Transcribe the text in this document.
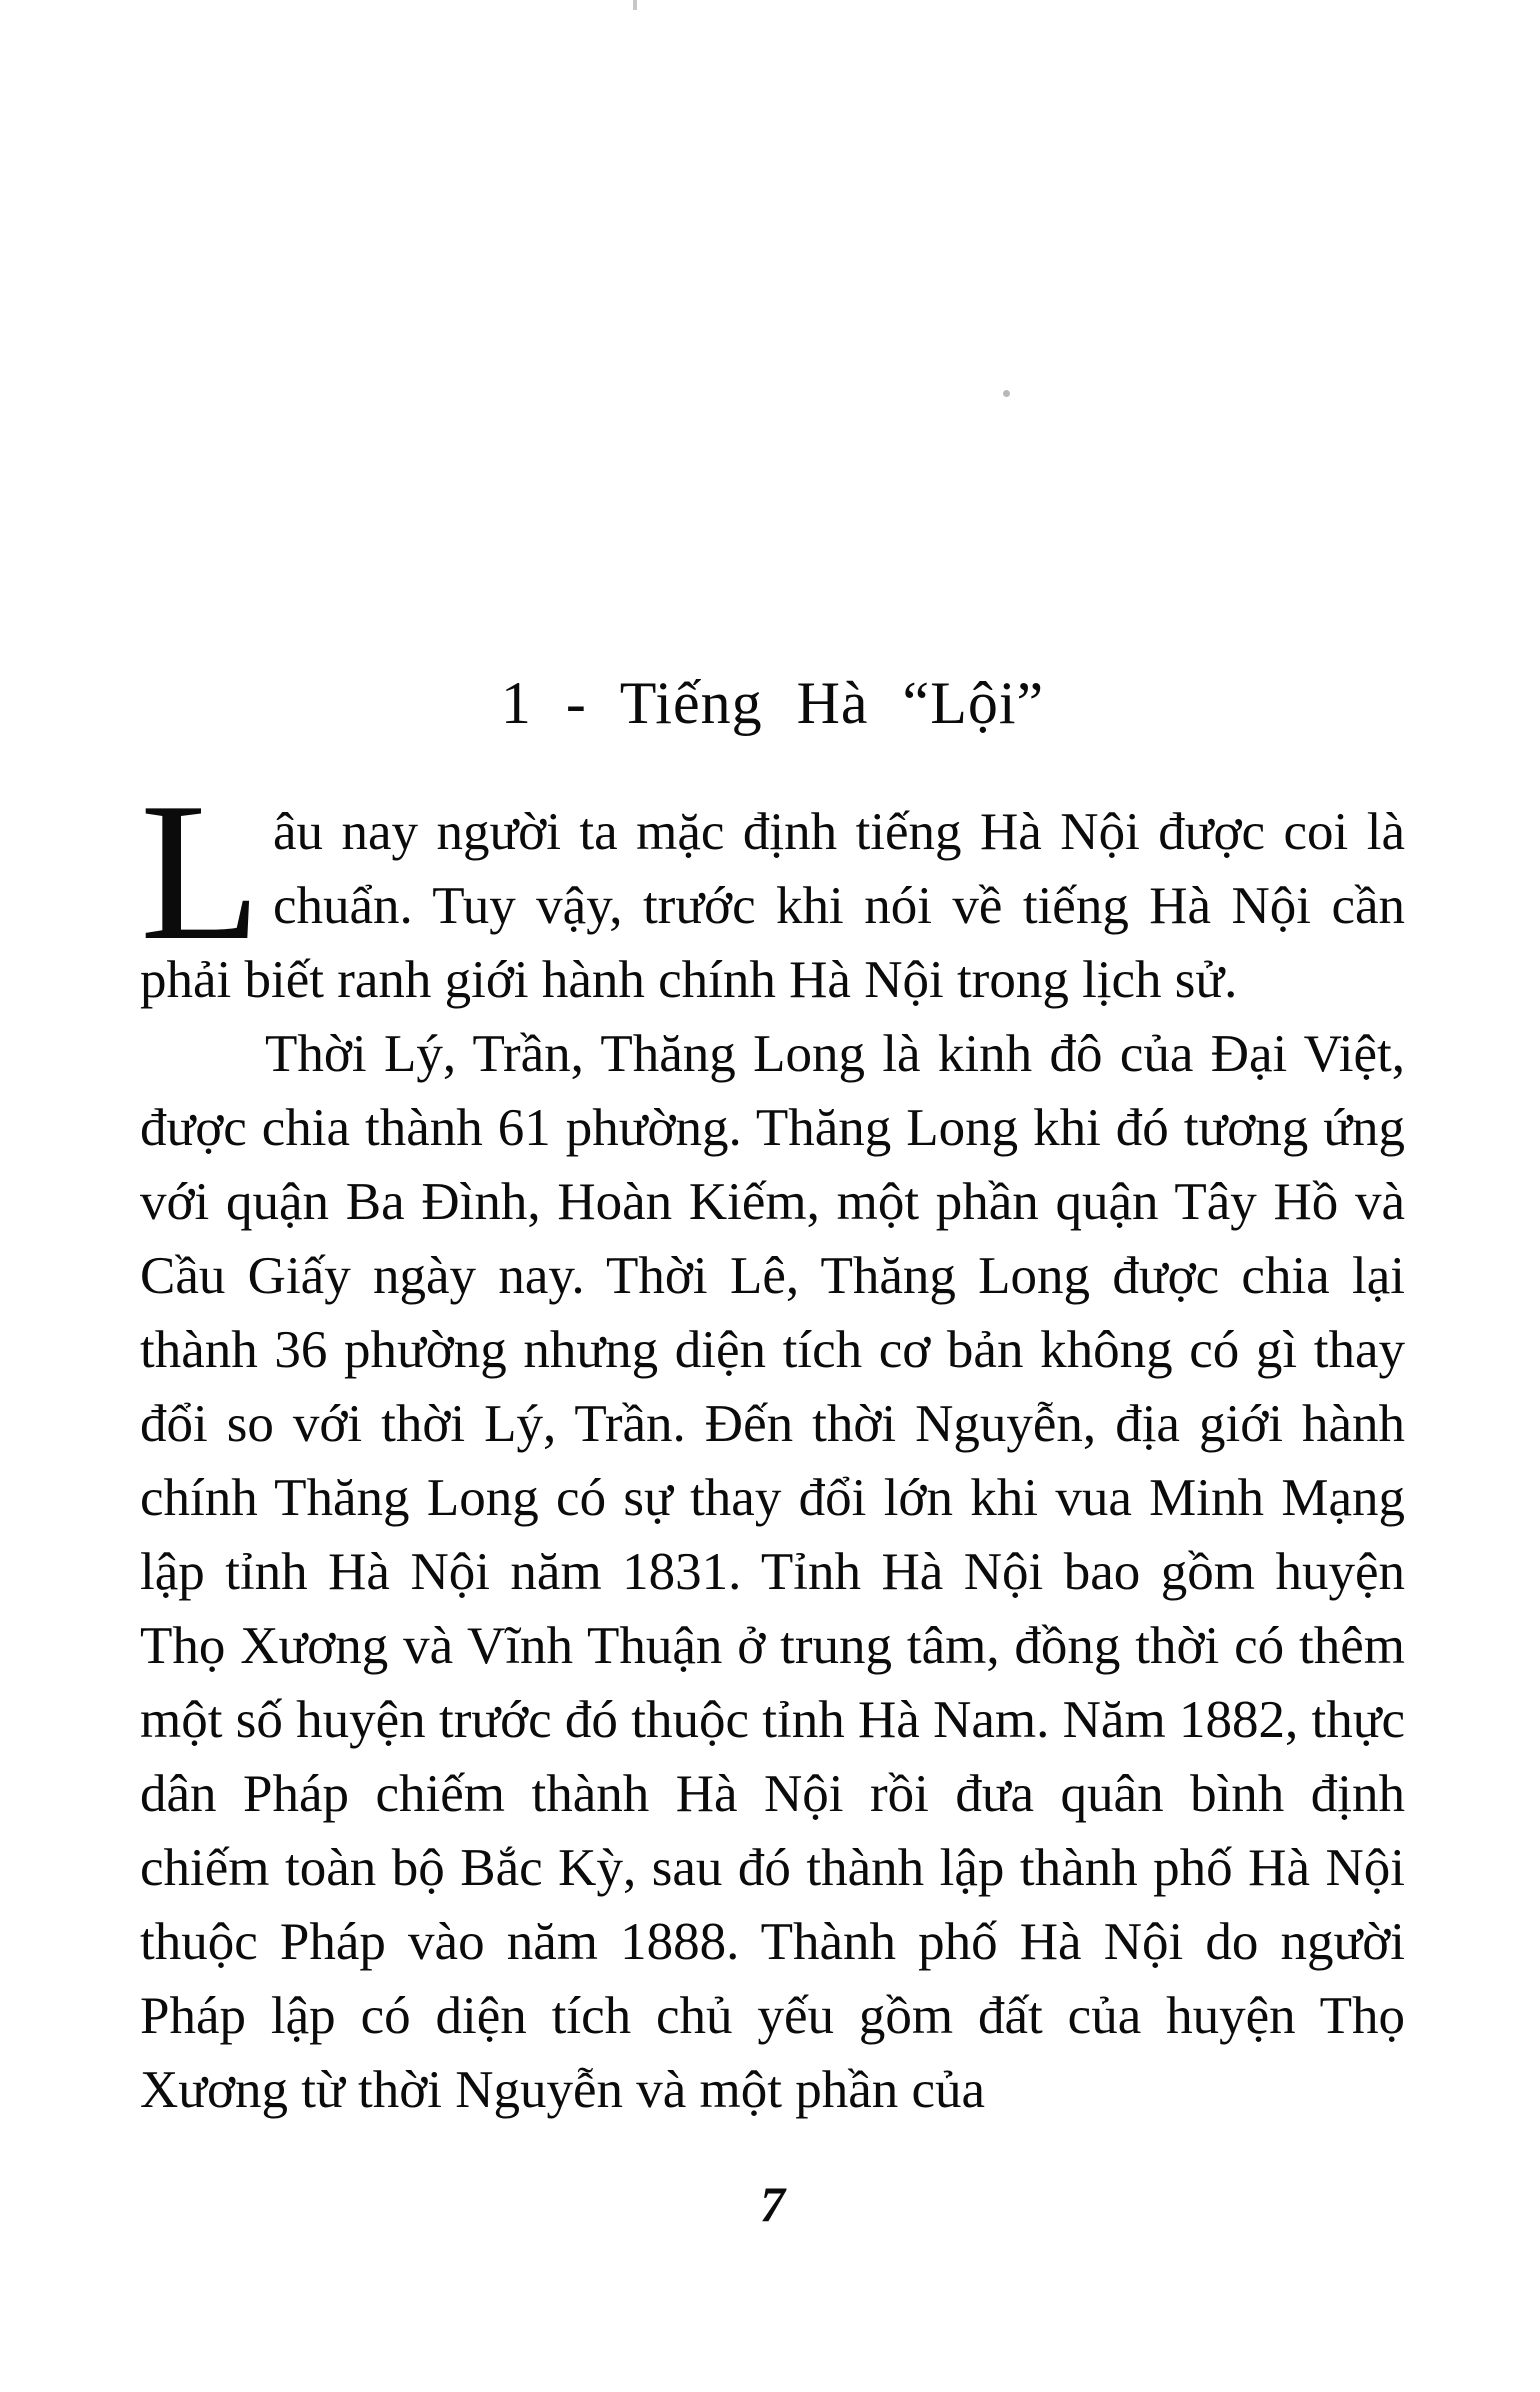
1 - Tiếng Hà “Lội”

Lâu nay người ta mặc định tiếng Hà Nội được coi là chuẩn. Tuy vậy, trước khi nói về tiếng Hà Nội cần phải biết ranh giới hành chính Hà Nội trong lịch sử.

Thời Lý, Trần, Thăng Long là kinh đô của Đại Việt, được chia thành 61 phường. Thăng Long khi đó tương ứng với quận Ba Đình, Hoàn Kiếm, một phần quận Tây Hồ và Cầu Giấy ngày nay. Thời Lê, Thăng Long được chia lại thành 36 phường nhưng diện tích cơ bản không có gì thay đổi so với thời Lý, Trần. Đến thời Nguyễn, địa giới hành chính Thăng Long có sự thay đổi lớn khi vua Minh Mạng lập tỉnh Hà Nội năm 1831. Tỉnh Hà Nội bao gồm huyện Thọ Xương và Vĩnh Thuận ở trung tâm, đồng thời có thêm một số huyện trước đó thuộc tỉnh Hà Nam. Năm 1882, thực dân Pháp chiếm thành Hà Nội rồi đưa quân bình định chiếm toàn bộ Bắc Kỳ, sau đó thành lập thành phố Hà Nội thuộc Pháp vào năm 1888. Thành phố Hà Nội do người Pháp lập có diện tích chủ yếu gồm đất của huyện Thọ Xương từ thời Nguyễn và một phần của

7
